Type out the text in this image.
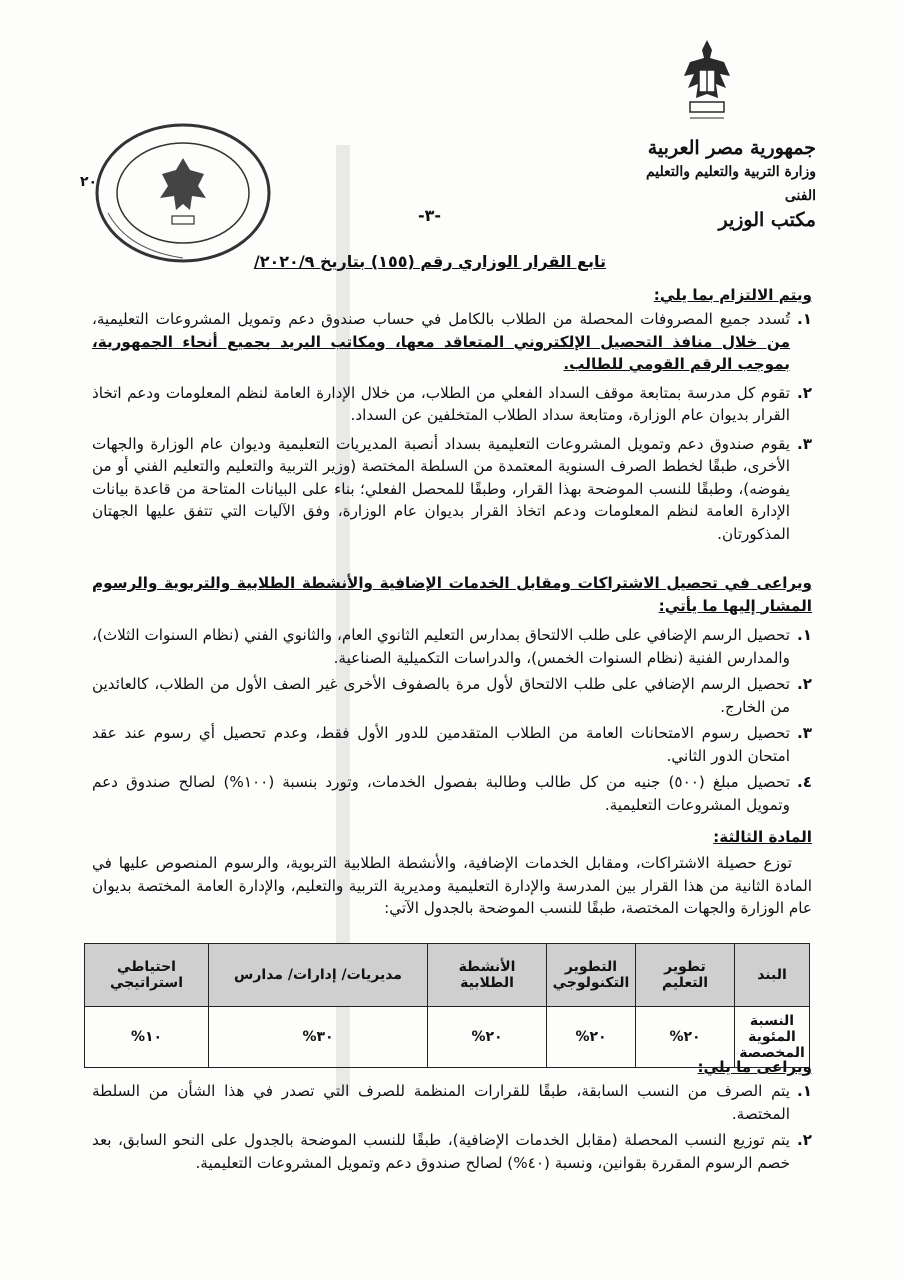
جمهورية مصر العربية
وزارة التربية والتعليم والتعليم الفنى
مكتب الوزير
٢٠
-٣-
تابع القرار الوزاري رقم (١٥٥) بتاريخ ٢٠٢٠/٩/
ويتم الالتزام بما يلي:
١.
تُسدد جميع المصروفات المحصلة من الطلاب بالكامل في حساب صندوق دعم وتمويل المشروعات التعليمية، من خلال منافذ التحصيل الإلكتروني المتعاقد معها، ومكاتب البريد بجميع أنحاء الجمهورية، بموجب الرقم القومي للطالب.
٢.
تقوم كل مدرسة بمتابعة موقف السداد الفعلي من الطلاب، من خلال الإدارة العامة لنظم المعلومات ودعم اتخاذ القرار بديوان عام الوزارة، ومتابعة سداد الطلاب المتخلفين عن السداد.
٣.
يقوم صندوق دعم وتمويل المشروعات التعليمية بسداد أنصبة المديريات التعليمية وديوان عام الوزارة والجهات الأخرى، طبقًا لخطط الصرف السنوية المعتمدة من السلطة المختصة (وزير التربية والتعليم والتعليم الفني أو من يفوضه)، وطبقًا للنسب الموضحة بهذا القرار، وطبقًا للمحصل الفعلي؛ بناء على البيانات المتاحة من قاعدة بيانات الإدارة العامة لنظم المعلومات ودعم اتخاذ القرار بديوان عام الوزارة، وفق الآليات التي تتفق عليها الجهتان المذكورتان.
ويراعى في تحصيل الاشتراكات ومقابل الخدمات الإضافية والأنشطة الطلابية والتربوية والرسوم المشار إليها ما يأتي:
١.
تحصيل الرسم الإضافي على طلب الالتحاق بمدارس التعليم الثانوي العام، والثانوي الفني (نظام السنوات الثلاث)، والمدارس الفنية (نظام السنوات الخمس)، والدراسات التكميلية الصناعية.
٢.
تحصيل الرسم الإضافي على طلب الالتحاق لأول مرة بالصفوف الأخرى غير الصف الأول من الطلاب، كالعائدين من الخارج.
٣.
تحصيل رسوم الامتحانات العامة من الطلاب المتقدمين للدور الأول فقط، وعدم تحصيل أي رسوم عند عقد امتحان الدور الثاني.
٤.
تحصيل مبلغ (٥٠٠) جنيه من كل طالب وطالبة بفصول الخدمات، وتورد بنسبة (١٠٠%) لصالح صندوق دعم وتمويل المشروعات التعليمية.
المادة الثالثة:
توزع حصيلة الاشتراكات، ومقابل الخدمات الإضافية، والأنشطة الطلابية التربوية، والرسوم المنصوص عليها في المادة الثانية من هذا القرار بين المدرسة والإدارة التعليمية ومديرية التربية والتعليم، والإدارة العامة المختصة بديوان عام الوزارة والجهات المختصة، طبقًا للنسب الموضحة بالجدول الآتي:
البند	تطوير التعليم	التطوير التكنولوجي	الأنشطة الطلابية	مديريات/ إدارات/ مدارس	احتياطي استراتيجي
النسبة المئوية المخصصة	٢٠%	٢٠%	٢٠%	٣٠%	١٠%
ويراعى ما يلي:
١.
يتم الصرف من النسب السابقة، طبقًا للقرارات المنظمة للصرف التي تصدر في هذا الشأن من السلطة المختصة.
٢.
يتم توزيع النسب المحصلة (مقابل الخدمات الإضافية)، طبقًا للنسب الموضحة بالجدول على النحو السابق، بعد خصم الرسوم المقررة بقوانين، ونسبة (٤٠%) لصالح صندوق دعم وتمويل المشروعات التعليمية.
